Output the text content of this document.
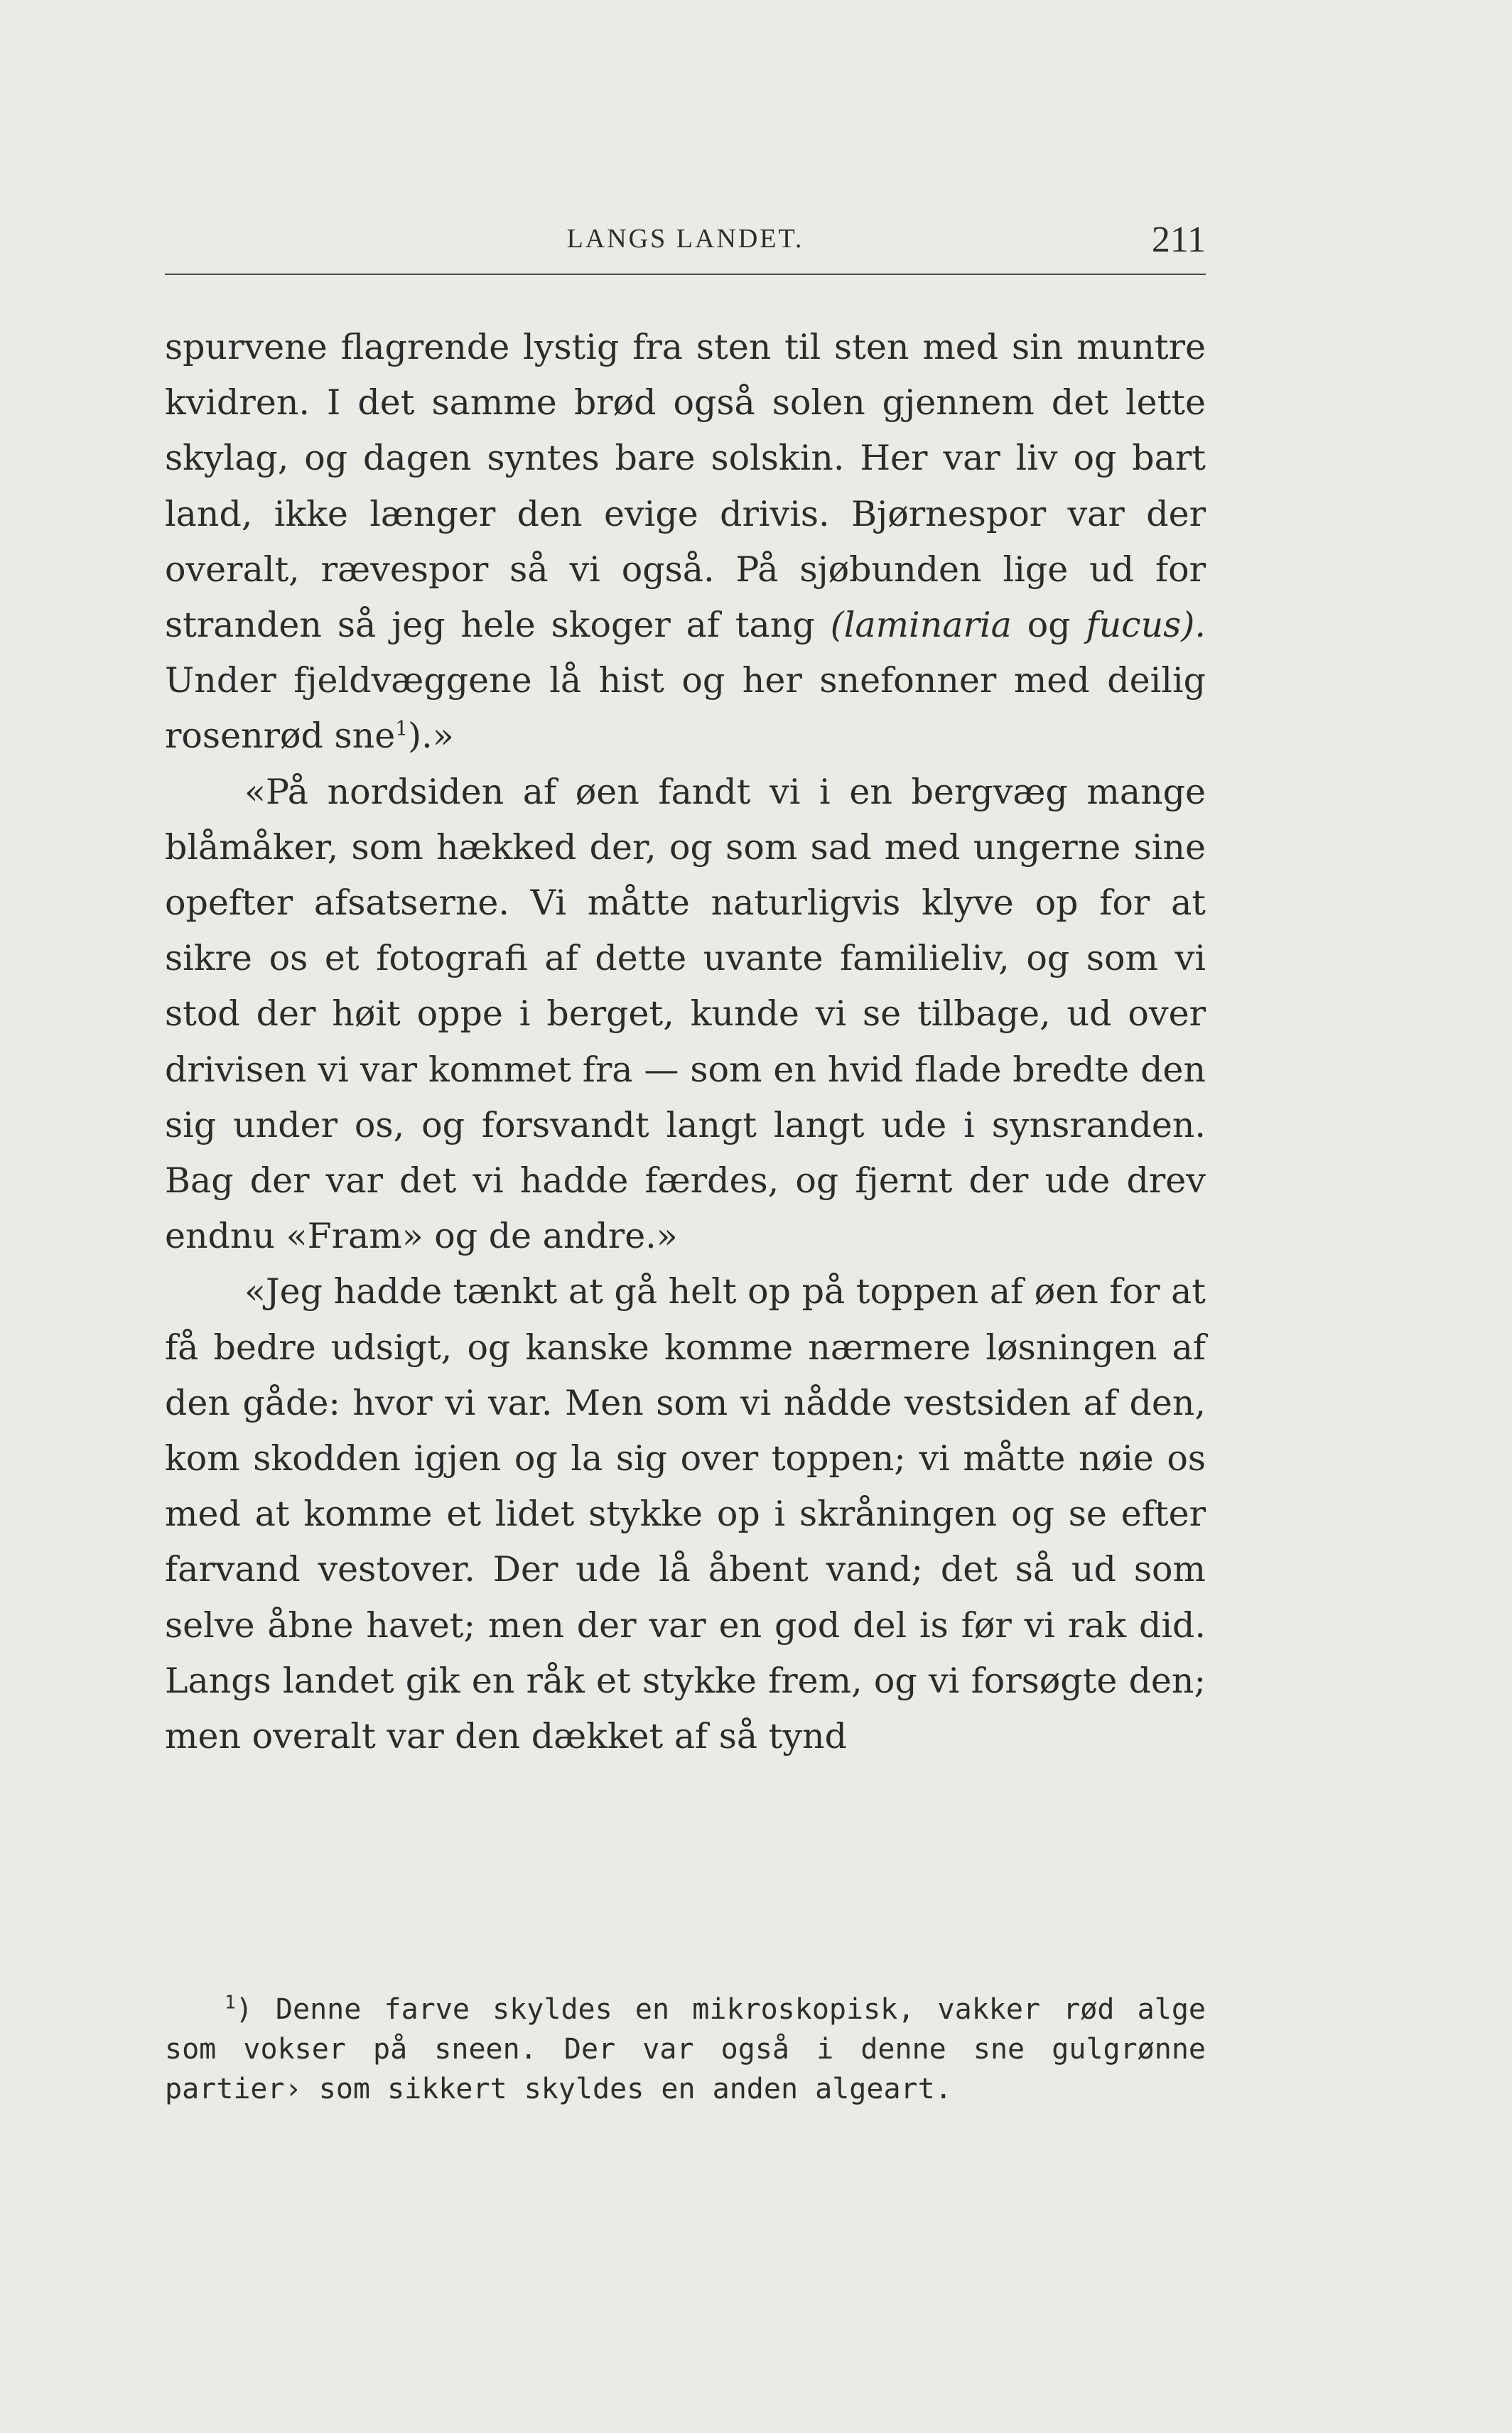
LANGS LANDET.	211

spurvene flagrende lystig fra sten til sten med sin muntre kvidren. I det samme brød også solen gjennem det lette skylag, og dagen syntes bare solskin. Her var liv og bart land, ikke længer den evige drivis. Bjørnespor var der overalt, rævespor så vi også. På sjøbunden lige ud for stranden så jeg hele skoger af tang (laminaria og fucus). Under fjeldvæggene lå hist og her snefonner med deilig rosenrød sne$^1$).»

«På nordsiden af øen fandt vi i en bergvæg mange blåmåker, som hækked der, og som sad med ungerne sine opefter afsatserne. Vi måtte naturligvis klyve op for at sikre os et fotografi af dette uvante familieliv, og som vi stod der høit oppe i berget, kunde vi se tilbage, ud over drivisen vi var kommet fra — som en hvid flade bredte den sig under os, og forsvandt langt langt ude i synsranden. Bag der var det vi hadde færdes, og fjernt der ude drev endnu «Fram» og de andre.»

«Jeg hadde tænkt at gå helt op på toppen af øen for at få bedre udsigt, og kanske komme nærmere løsningen af den gåde: hvor vi var. Men som vi nådde vestsiden af den, kom skodden igjen og la sig over toppen; vi måtte nøie os med at komme et lidet stykke op i skråningen og se efter farvand vestover. Der ude lå åbent vand; det så ud som selve åbne havet; men der var en god del is før vi rak did. Langs landet gik en råk et stykke frem, og vi forsøgte den; men overalt var den dækket af så tynd

$^1$) Denne farve skyldes en mikroskopisk, vakker rød alge som vokser på sneen. Der var også i denne sne gulgrønne partier› som sikkert skyldes en anden algeart.
